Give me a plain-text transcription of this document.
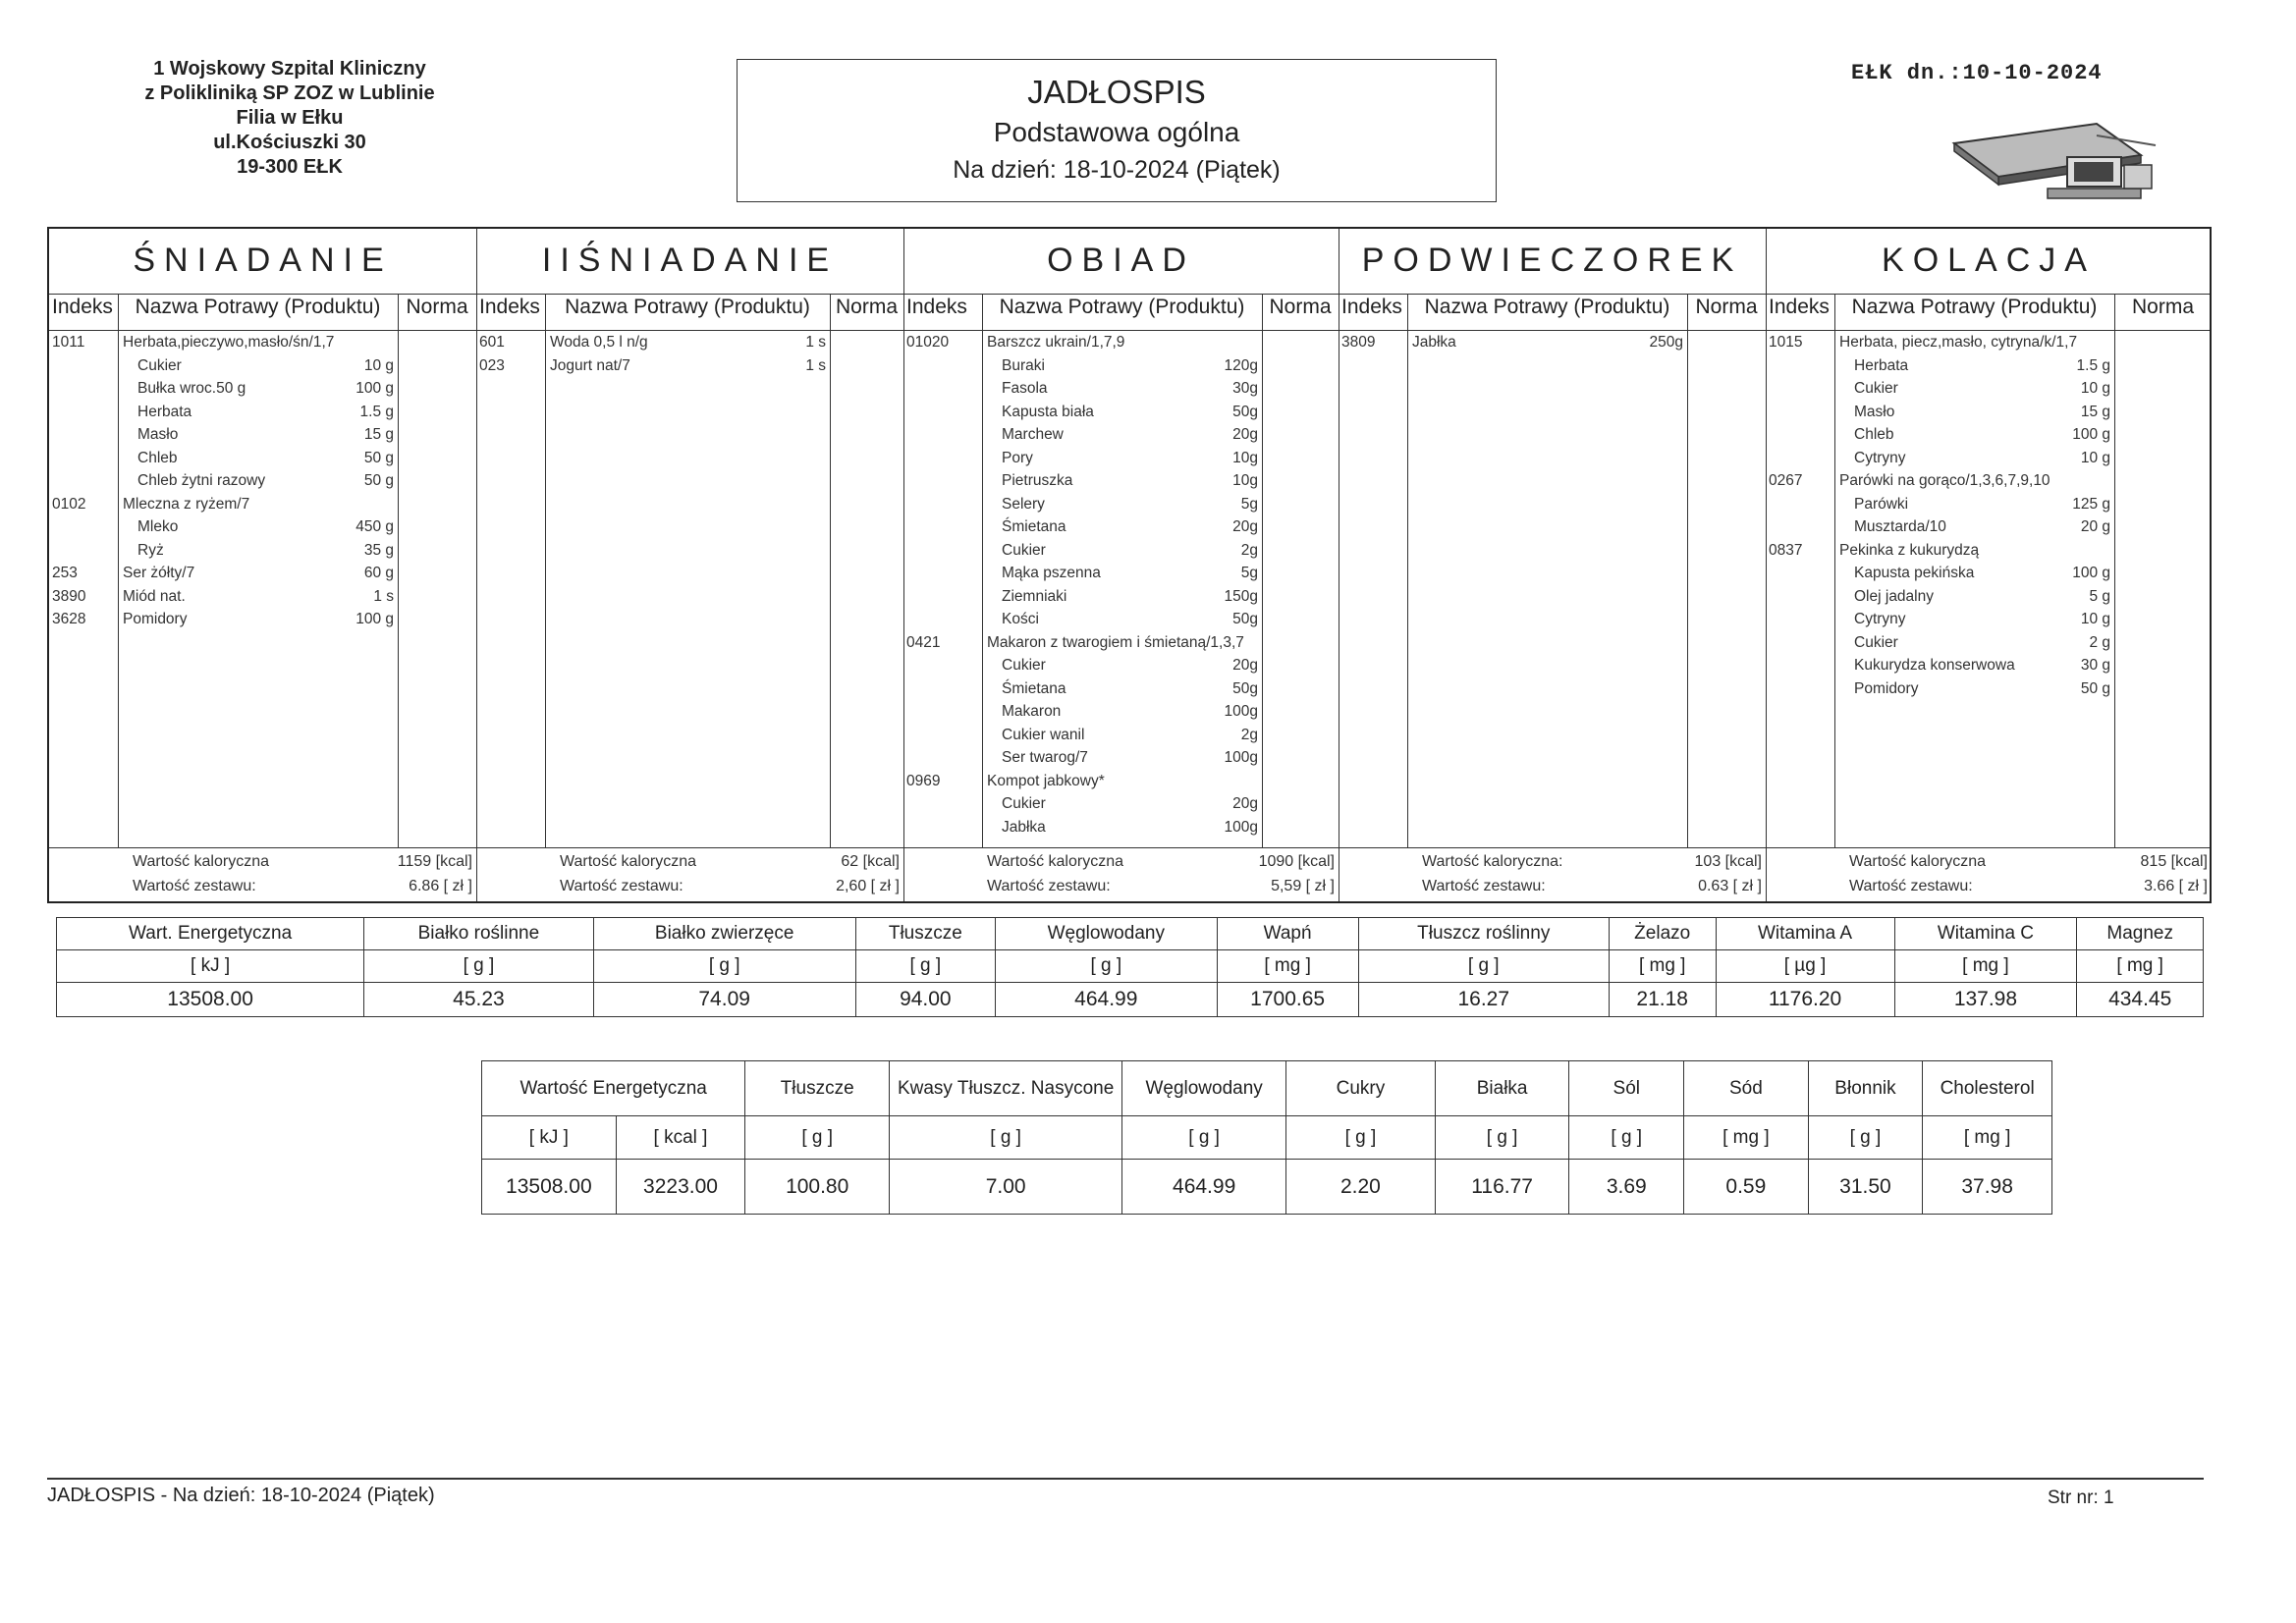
1 Wojskowy Szpital Kliniczny
z Polikliniką SP ZOZ w Lublinie
Filia w Ełku
ul.Kościuszki 30
19-300 EŁK
JADŁOSPIS
Podstawowa ogólna
Na dzień: 18-10-2024 (Piątek)
EŁK dn.:10-10-2024
ŚNIADANIE
Indeks	Nazwa Potrawy (Produktu)	Norma
1011 Herbata,pieczywo,masło/śn/1,7
Cukier	10 g
Bułka wroc.50 g	100 g
Herbata	1.5 g
Masło	15 g
Chleb	50 g
Chleb żytni razowy	50 g
0102 Mleczna z ryżem/7
Mleko	450 g
Ryż	35 g
253	Ser żółty/7	60 g
3890 Miód nat.	1 s
3628 Pomidory	100 g
Wartość kaloryczna	1159 [kcal]
Wartość zestawu:	6.86 [ zł ]
IIŚNIADANIE
Indeks	Nazwa Potrawy (Produktu)	Norma
601	Woda 0,5 l n/g	1 s
023	Jogurt nat/7	1 s
Wartość kaloryczna	62 [kcal]
Wartość zestawu:	2,60 [ zł ]
OBIAD
Indeks	Nazwa Potrawy (Produktu)	Norma
01020	Barszcz ukrain/1,7,9
Buraki	120g
Fasola	30g
Kapusta biała	50g
Marchew	20g
Pory	10g
Pietruszka	10g
Selery	5g
Śmietana	20g
Cukier	2g
Mąka pszenna	5g
Ziemniaki	150g
Kości	50g
0421	Makaron z twarogiem i śmietaną/1,3,7
Cukier	20g
Śmietana	50g
Makaron	100g
Cukier wanil	2g
Ser twarog/7	100g
0969	Kompot jabkowy*
Cukier	20g
Jabłka	100g
Wartość kaloryczna	1090 [kcal]
Wartość zestawu:	5,59 [ zł ]
PODWIECZOREK
Indeks	Nazwa Potrawy (Produktu)	Norma
3809 Jabłka	250g
Wartość kaloryczna:	103 [kcal]
Wartość zestawu:	0.63 [ zł ]
KOLACJA
Indeks	Nazwa Potrawy (Produktu)	Norma
1015 Herbata, piecz,masło, cytryna/k/1,7
Herbata	1.5 g
Cukier	10 g
Masło	15 g
Chleb	100 g
Cytryny	10 g
0267 Parówki na gorąco/1,3,6,7,9,10
Parówki	125 g
Musztarda/10	20 g
0837 Pekinka z kukurydzą
Kapusta pekińska	100 g
Olej jadalny	5 g
Cytryny	10 g
Cukier	2 g
Kukurydza konserwowa	30 g
Pomidory	50 g
Wartość kaloryczna	815 [kcal]
Wartość zestawu:	3.66 [ zł ]
Wart. Energetyczna	Białko roślinne	Białko zwierzęce	Tłuszcze	Węglowodany	Wapń	Tłuszcz roślinny	Żelazo	Witamina A	Witamina C	Magnez
[ kJ ]	[ g ]	[ g ]	[ g ]	[ g ]	[ mg ]	[ g ]	[ mg ]	[ µg ]	[ mg ]	[ mg ]
13508.00	45.23	74.09	94.00	464.99	1700.65	16.27	21.18	1176.20	137.98	434.45
Wartość Energetyczna		Tłuszcze	Kwasy Tłuszcz. Nasycone	Węglowodany	Cukry	Białka	Sól	Sód	Błonnik	Cholesterol
[ kJ ]	[ kcal ]	[ g ]	[ g ]	[ g ]	[ g ]	[ g ]	[ g ]	[ mg ]	[ g ]	[ mg ]
13508.00	3223.00	100.80	7.00	464.99	2.20	116.77	3.69	0.59	31.50	37.98
JADŁOSPIS - Na dzień: 18-10-2024 (Piątek)	Str nr: 1
